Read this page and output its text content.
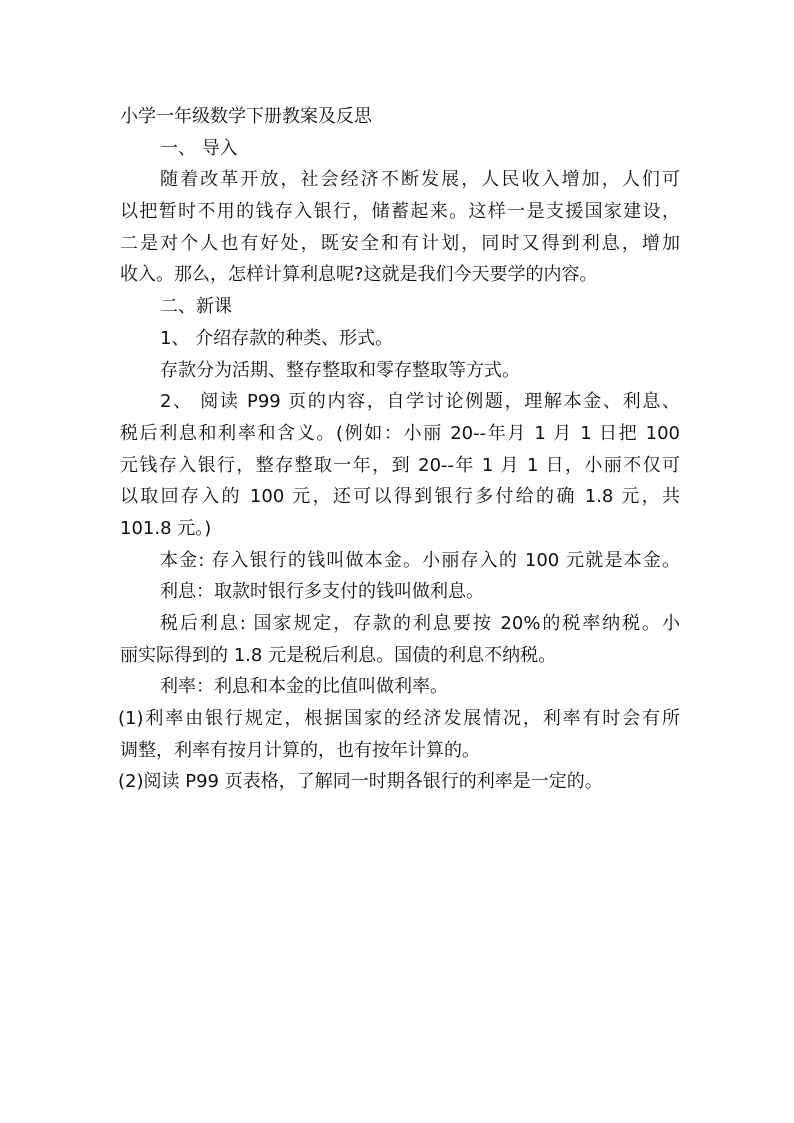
小学一年级数学下册教案及反思
一、 导入
随着改革开放，社会经济不断发展，人民收入增加，人们可
以把暂时不用的钱存入银行，储蓄起来。这样一是支援国家建设，
二是对个人也有好处，既安全和有计划，同时又得到利息，增加
收入。那么，怎样计算利息呢?这就是我们今天要学的内容。
二、新课
1、 介绍存款的种类、形式。
存款分为活期、整存整取和零存整取等方式。
2、 阅读 P99 页的内容，自学讨论例题，理解本金、利息、
税后利息和利率和含义。(例如：小丽 20--年月 1 月 1 日把 100
元钱存入银行，整存整取一年，到 20--年 1 月 1 日，小丽不仅可
以取回存入的 100 元，还可以得到银行多付给的确 1.8 元，共
101.8 元。)
本金: 存入银行的钱叫做本金。小丽存入的 100 元就是本金。
利息：取款时银行多支付的钱叫做利息。
税后利息: 国家规定，存款的利息要按 20%的税率纳税。小
丽实际得到的 1.8 元是税后利息。国债的利息不纳税。
利率：利息和本金的比值叫做利率。
(1)利率由银行规定，根据国家的经济发展情况，利率有时会有所
调整，利率有按月计算的，也有按年计算的。
(2)阅读 P99 页表格，了解同一时期各银行的利率是一定的。
